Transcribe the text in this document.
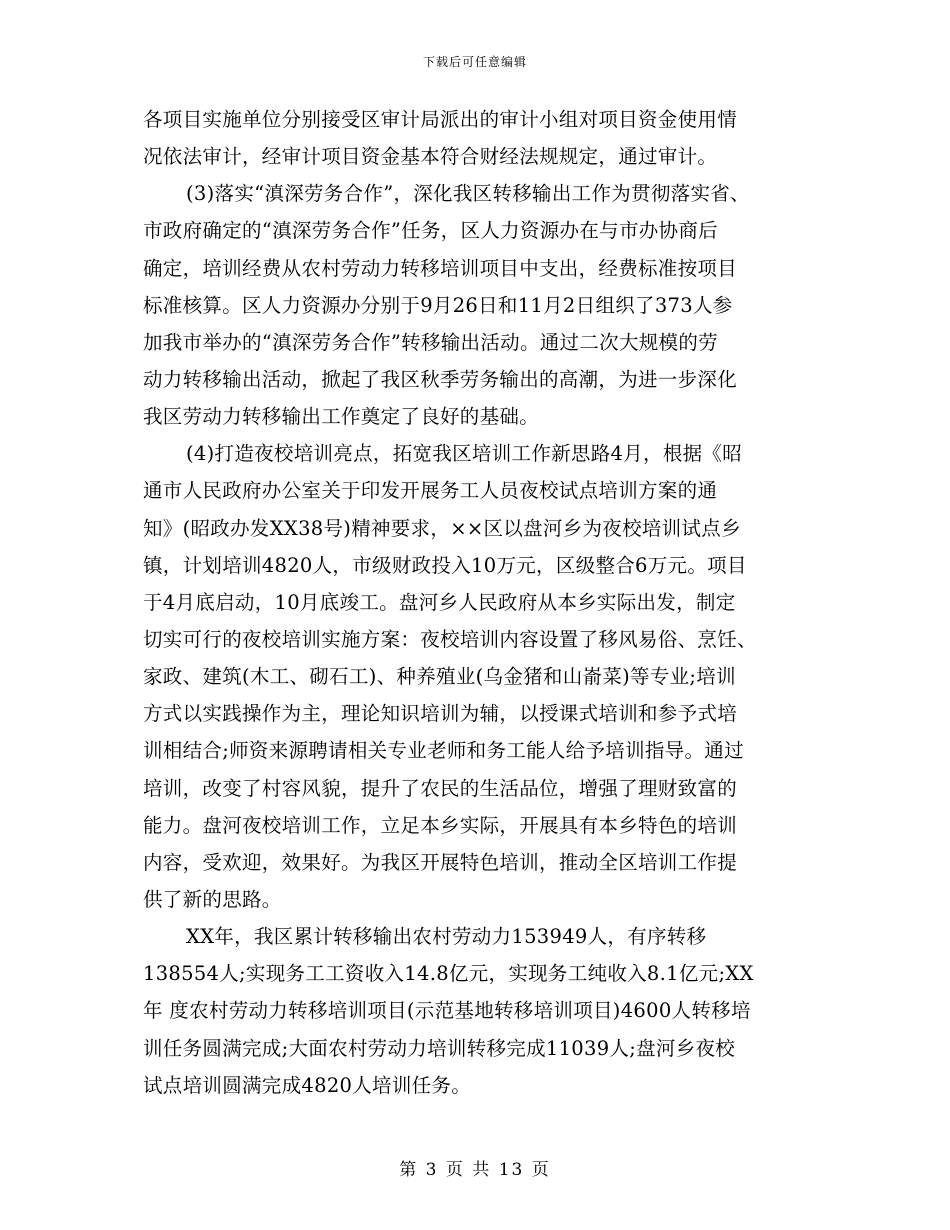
下载后可任意编辑
各项目实施单位分别接受区审计局派出的审计小组对项目资金使用情
况依法审计，经审计项目资金基本符合财经法规规定，通过审计。
(3)落实“滇深劳务合作”，深化我区转移输出工作为贯彻落实省、
市政府确定的“滇深劳务合作”任务，区人力资源办在与市办协商后
确定，培训经费从农村劳动力转移培训项目中支出，经费标准按项目
标准核算。区人力资源办分别于9月26日和11月2日组织了373人参
加我市举办的“滇深劳务合作”转移输出活动。通过二次大规模的劳
动力转移输出活动，掀起了我区秋季劳务输出的高潮，为进一步深化
我区劳动力转移输出工作奠定了良好的基础。
(4)打造夜校培训亮点，拓宽我区培训工作新思路4月，根据《昭
通市人民政府办公室关于印发开展务工人员夜校试点培训方案的通
知》(昭政办发XX38号)精神要求，××区以盘河乡为夜校培训试点乡
镇，计划培训4820人，市级财政投入10万元，区级整合6万元。项目
于4月底启动，10月底竣工。盘河乡人民政府从本乡实际出发，制定
切实可行的夜校培训实施方案：夜校培训内容设置了移风易俗、烹饪、
家政、建筑(木工、砌石工)、种养殖业(乌金猪和山嵛菜)等专业;培训
方式以实践操作为主，理论知识培训为辅，以授课式培训和参予式培
训相结合;师资来源聘请相关专业老师和务工能人给予培训指导。通过
培训，改变了村容风貌，提升了农民的生活品位，增强了理财致富的
能力。盘河夜校培训工作，立足本乡实际，开展具有本乡特色的培训
内容，受欢迎，效果好。为我区开展特色培训，推动全区培训工作提
供了新的思路。
XX年，我区累计转移输出农村劳动力153949人，有序转移
138554人;实现务工工资收入14.8亿元，实现务工纯收入8.1亿元;XX
年 度农村劳动力转移培训项目(示范基地转移培训项目)4600人转移培
训任务圆满完成;大面农村劳动力培训转移完成11039人;盘河乡夜校
试点培训圆满完成4820人培训任务。
第 3 页 共 13 页
